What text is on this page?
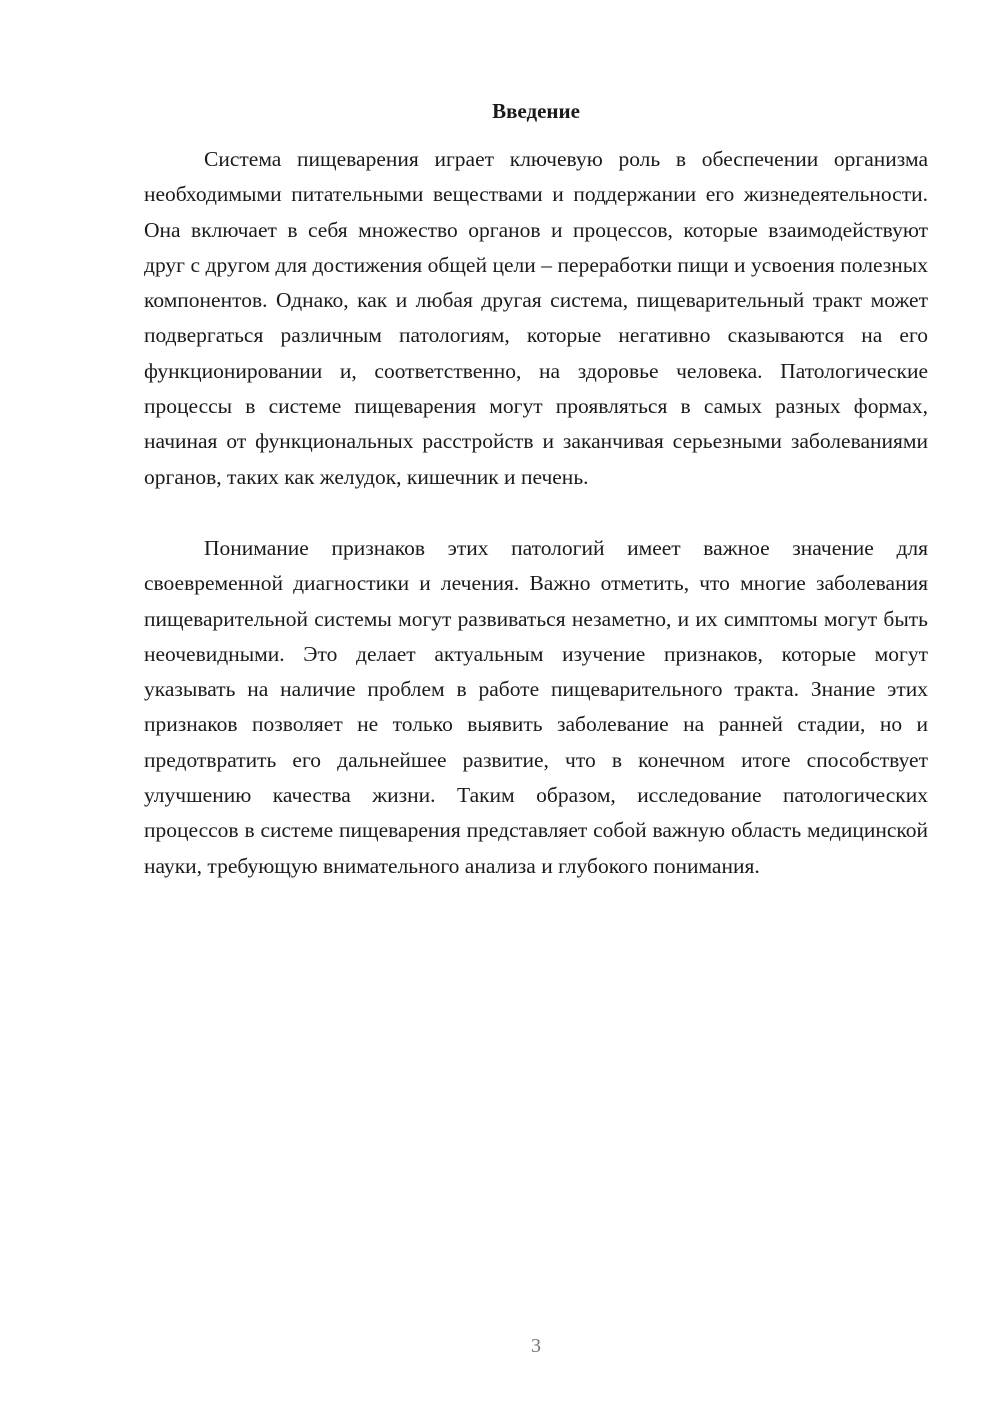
Введение

Система пищеварения играет ключевую роль в обеспечении организма необходимыми питательными веществами и поддержании его жизнедеятельности. Она включает в себя множество органов и процессов, которые взаимодействуют друг с другом для достижения общей цели – переработки пищи и усвоения полезных компонентов. Однако, как и любая другая система, пищеварительный тракт может подвергаться различным патологиям, которые негативно сказываются на его функционировании и, соответственно, на здоровье человека. Патологические процессы в системе пищеварения могут проявляться в самых разных формах, начиная от функциональных расстройств и заканчивая серьезными заболеваниями органов, таких как желудок, кишечник и печень.

Понимание признаков этих патологий имеет важное значение для своевременной диагностики и лечения. Важно отметить, что многие заболевания пищеварительной системы могут развиваться незаметно, и их симптомы могут быть неочевидными. Это делает актуальным изучение признаков, которые могут указывать на наличие проблем в работе пищеварительного тракта. Знание этих признаков позволяет не только выявить заболевание на ранней стадии, но и предотвратить его дальнейшее развитие, что в конечном итоге способствует улучшению качества жизни. Таким образом, исследование патологических процессов в системе пищеварения представляет собой важную область медицинской науки, требующую внимательного анализа и глубокого понимания.

3
